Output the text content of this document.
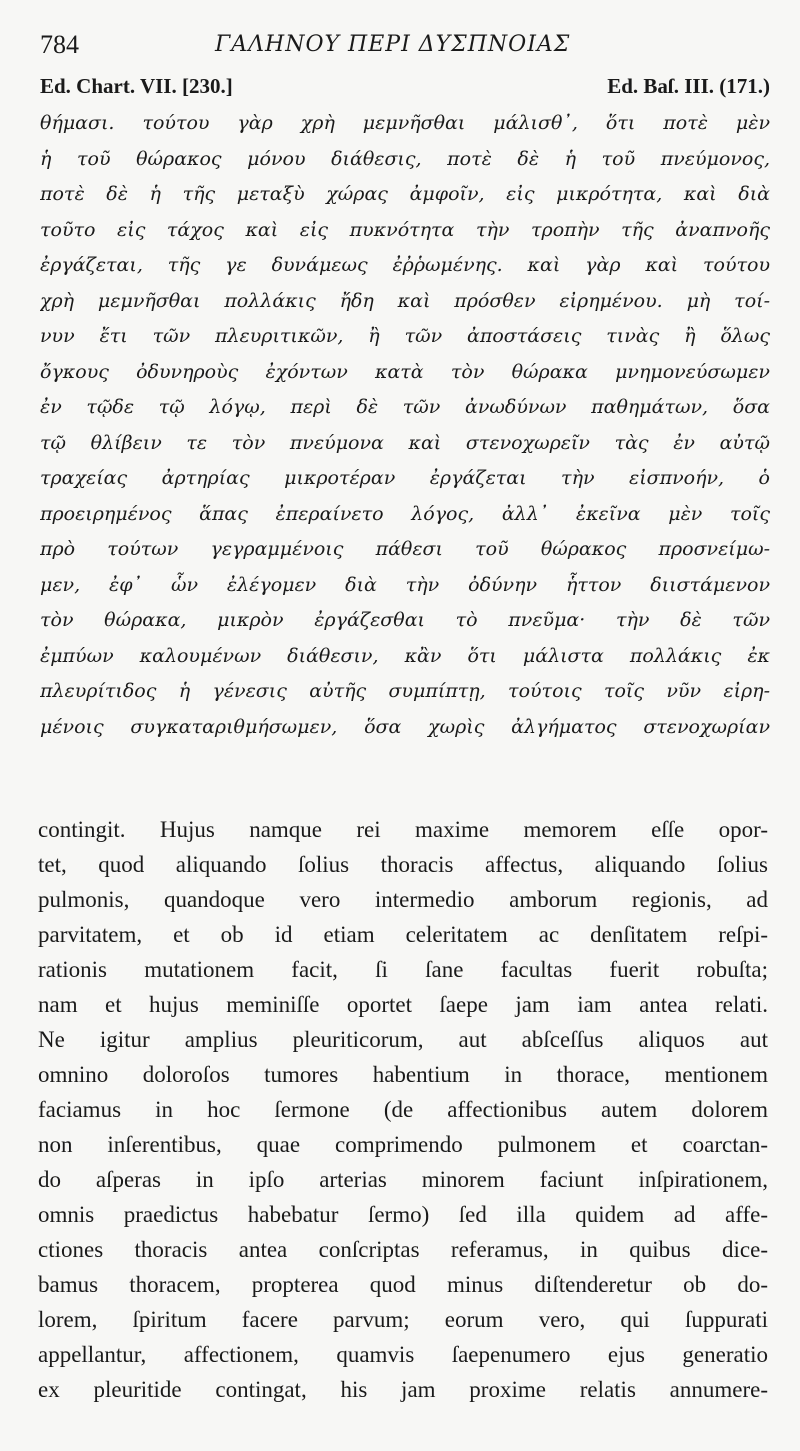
784	ΓΑΛΗΝΟΥ ΠΕΡΙ ΔΥΣΠΝΟΙΑΣ
Ed. Chart. VII. [230.]	Ed. Baſ. III. (171.)
θήμασι. τούτου γὰρ χρὴ μεμνῆσθαι μάλισθ᾽, ὅτι ποτὲ μὲν
ἡ τοῦ θώρακος μόνου διάθεσις, ποτὲ δὲ ἡ τοῦ πνεύμονος,
ποτὲ δὲ ἡ τῆς μεταξὺ χώρας ἀμφοῖν, εἰς μικρότητα, καὶ διὰ
τοῦτο εἰς τάχος καὶ εἰς πυκνότητα τὴν τροπὴν τῆς ἀναπνοῆς
ἐργάζεται, τῆς γε δυνάμεως ἐῤῥωμένης. καὶ γὰρ καὶ τούτου
χρὴ μεμνῆσθαι πολλάκις ἤδη καὶ πρόσθεν εἰρημένου. μὴ τοί-
νυν ἔτι τῶν πλευριτικῶν, ἢ τῶν ἀποστάσεις τινὰς ἢ ὅλως
ὄγκους ὀδυνηροὺς ἐχόντων κατὰ τὸν θώρακα μνημονεύσωμεν
ἐν τῷδε τῷ λόγῳ, περὶ δὲ τῶν ἀνωδύνων παθημάτων, ὅσα
τῷ θλίβειν τε τὸν πνεύμονα καὶ στενοχωρεῖν τὰς ἐν αὐτῷ
τραχείας ἀρτηρίας μικροτέραν ἐργάζεται τὴν εἰσπνοήν, ὁ
προειρημένος ἅπας ἐπεραίνετο λόγος, ἀλλ᾽ ἐκεῖνα μὲν τοῖς
πρὸ τούτων γεγραμμένοις πάθεσι τοῦ θώρακος προσνείμω-
μεν, ἐφ᾽ ὧν ἐλέγομεν διὰ τὴν ὀδύνην ἧττον διιστάμενον
τὸν θώρακα, μικρὸν ἐργάζεσθαι τὸ πνεῦμα· τὴν δὲ τῶν
ἐμπύων καλουμένων διάθεσιν, κἂν ὅτι μάλιστα πολλάκις ἐκ
πλευρίτιδος ἡ γένεσις αὐτῆς συμπίπτῃ, τούτοις τοῖς νῦν εἰρη-
μένοις συγκαταριθμήσωμεν, ὅσα χωρὶς ἀλγήματος στενοχωρίαν
contingit. Hujus namque rei maxime memorem eſſe opor-
tet, quod aliquando ſolius thoracis affectus, aliquando ſolius
pulmonis, quandoque vero intermedio amborum regionis, ad
parvitatem, et ob id etiam celeritatem ac denſitatem reſpi-
rationis mutationem facit, ſi ſane facultas fuerit robuſta;
nam et hujus meminiſſe oportet ſaepe jam iam antea relati.
Ne igitur amplius pleuriticorum, aut abſceſſus aliquos aut
omnino doloroſos tumores habentium in thorace, mentionem
faciamus in hoc ſermone (de affectionibus autem dolorem
non inſerentibus, quae comprimendo pulmonem et coarctan-
do aſperas in ipſo arterias minorem faciunt inſpirationem,
omnis praedictus habebatur ſermo) ſed illa quidem ad affe-
ctiones thoracis antea conſcriptas referamus, in quibus dice-
bamus thoracem, propterea quod minus diſtenderetur ob do-
lorem, ſpiritum facere parvum; eorum vero, qui ſuppurati
appellantur, affectionem, quamvis ſaepenumero ejus generatio
ex pleuritide contingat, his jam proxime relatis annumere-
